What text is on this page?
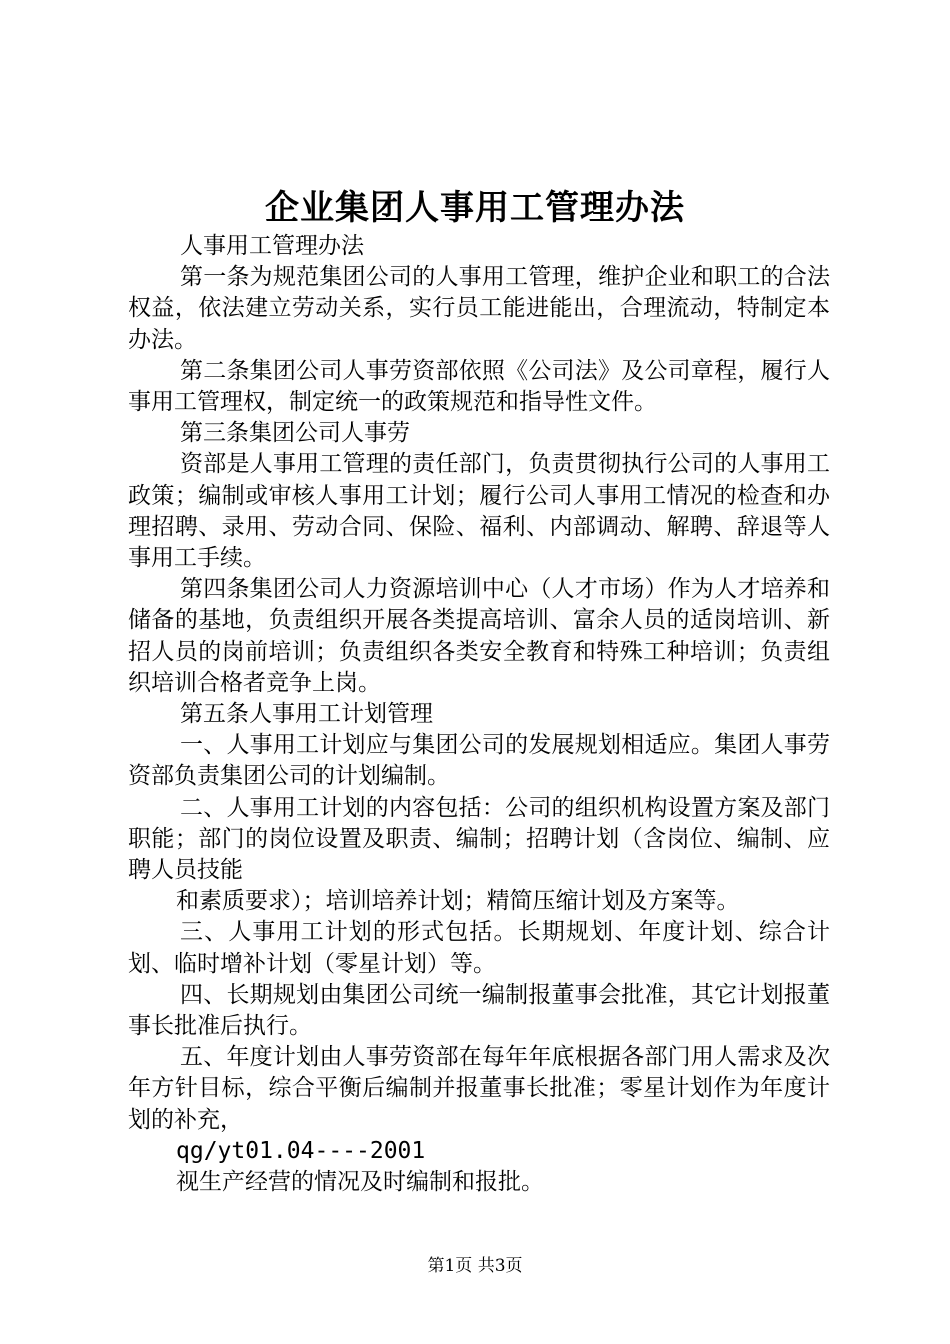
企业集团人事用工管理办法

人事用工管理办法

第一条为规范集团公司的人事用工管理，维护企业和职工的合法权益，依法建立劳动关系，实行员工能进能出，合理流动，特制定本办法。

第二条集团公司人事劳资部依照《公司法》及公司章程，履行人事用工管理权，制定统一的政策规范和指导性文件。

第三条集团公司人事劳

资部是人事用工管理的责任部门，负责贯彻执行公司的人事用工政策；编制或审核人事用工计划；履行公司人事用工情况的检查和办理招聘、录用、劳动合同、保险、福利、内部调动、解聘、辞退等人事用工手续。

第四条集团公司人力资源培训中心（人才市场）作为人才培养和储备的基地，负责组织开展各类提高培训、富余人员的适岗培训、新招人员的岗前培训；负责组织各类安全教育和特殊工种培训；负责组织培训合格者竞争上岗。

第五条人事用工计划管理

一、人事用工计划应与集团公司的发展规划相适应。集团人事劳资部负责集团公司的计划编制。

二、人事用工计划的内容包括：公司的组织机构设置方案及部门职能；部门的岗位设置及职责、编制；招聘计划（含岗位、编制、应聘人员技能

和素质要求）；培训培养计划；精简压缩计划及方案等。

三、人事用工计划的形式包括。长期规划、年度计划、综合计划、临时增补计划（零星计划）等。

四、长期规划由集团公司统一编制报董事会批准，其它计划报董事长批准后执行。

五、年度计划由人事劳资部在每年年底根据各部门用人需求及次年方针目标，综合平衡后编制并报董事长批准；零星计划作为年度计划的补充，

qg/yt01.04----2001

视生产经营的情况及时编制和报批。

第1页 共3页
